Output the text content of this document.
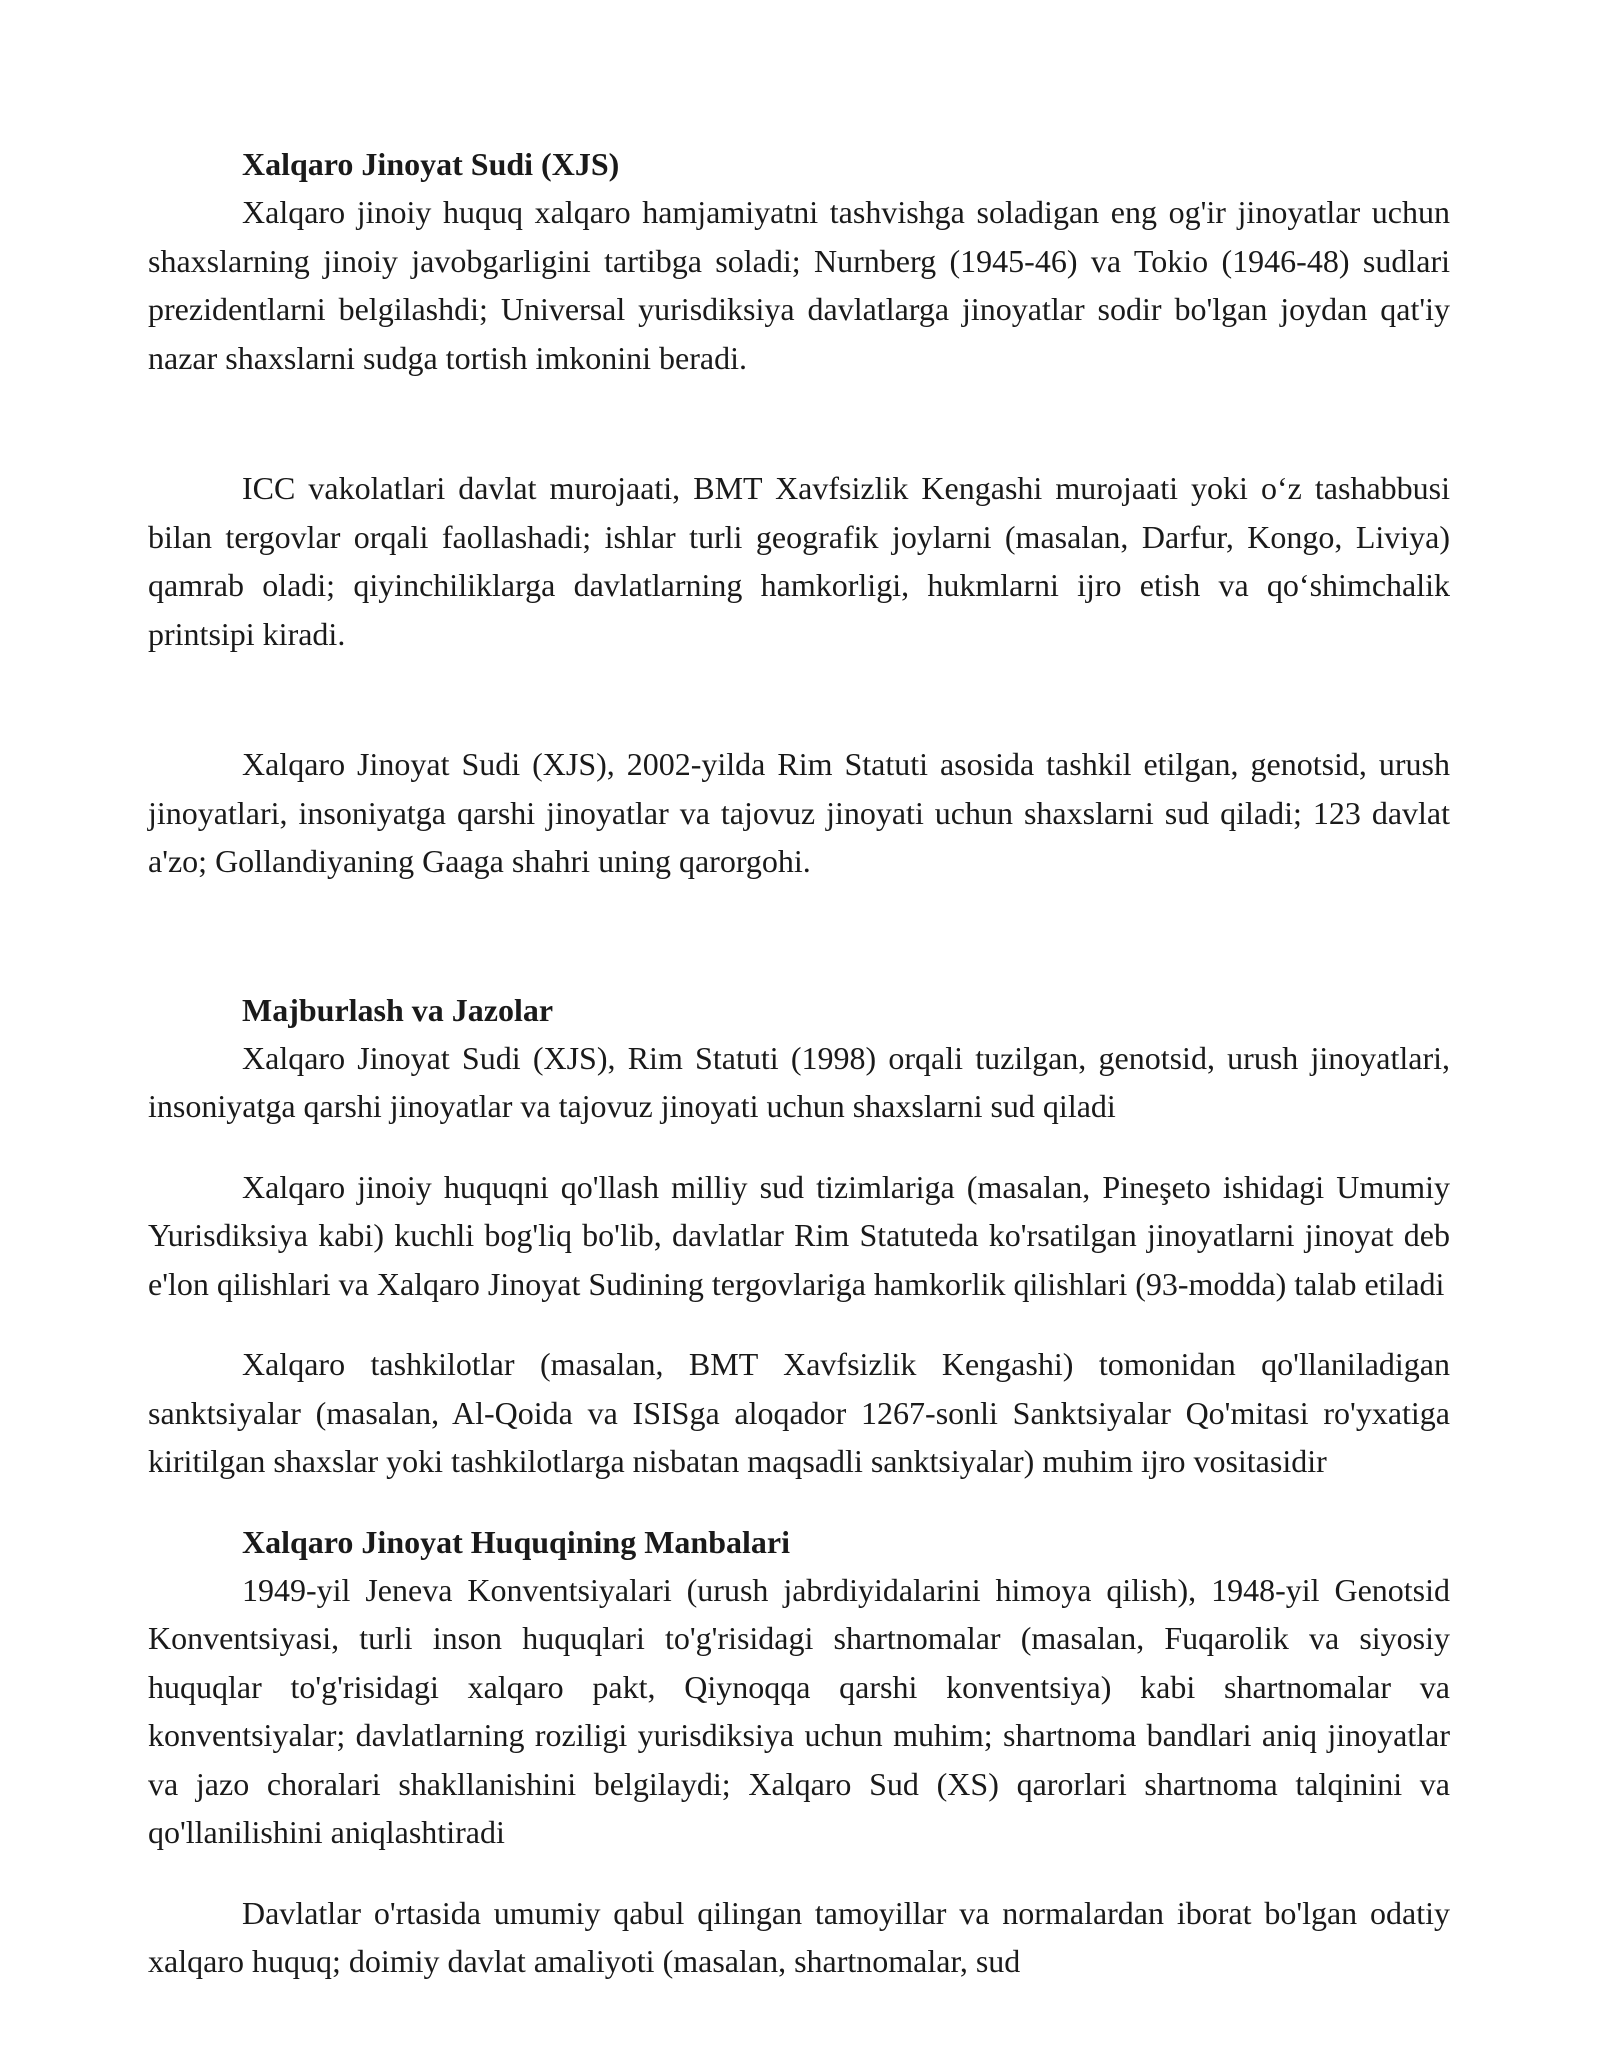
Xalqaro Jinoyat Sudi (XJS)

Xalqaro jinoiy huquq xalqaro hamjamiyatni tashvishga soladigan eng og'ir jinoyatlar uchun shaxslarning jinoiy javobgarligini tartibga soladi; Nurnberg (1945-46) va Tokio (1946-48) sudlari prezidentlarni belgilashdi; Universal yurisdiksiya davlatlarga jinoyatlar sodir bo'lgan joydan qat'iy nazar shaxslarni sudga tortish imkonini beradi.

ICC vakolatlari davlat murojaati, BMT Xavfsizlik Kengashi murojaati yoki o‘z tashabbusi bilan tergovlar orqali faollashadi; ishlar turli geografik joylarni (masalan, Darfur, Kongo, Liviya) qamrab oladi; qiyinchiliklarga davlatlarning hamkorligi, hukmlarni ijro etish va qo‘shimchalik printsipi kiradi.

Xalqaro Jinoyat Sudi (XJS), 2002-yilda Rim Statuti asosida tashkil etilgan, genotsid, urush jinoyatlari, insoniyatga qarshi jinoyatlar va tajovuz jinoyati uchun shaxslarni sud qiladi; 123 davlat a'zo; Gollandiyaning Gaaga shahri uning qarorgohi.

Majburlash va Jazolar

Xalqaro Jinoyat Sudi (XJS), Rim Statuti (1998) orqali tuzilgan, genotsid, urush jinoyatlari, insoniyatga qarshi jinoyatlar va tajovuz jinoyati uchun shaxslarni sud qiladi

Xalqaro jinoiy huquqni qo'llash milliy sud tizimlariga (masalan, Pineşeto ishidagi Umumiy Yurisdiksiya kabi) kuchli bog'liq bo'lib, davlatlar Rim Statuteda ko'rsatilgan jinoyatlarni jinoyat deb e'lon qilishlari va Xalqaro Jinoyat Sudining tergovlariga hamkorlik qilishlari (93-modda) talab etiladi

Xalqaro tashkilotlar (masalan, BMT Xavfsizlik Kengashi) tomonidan qo'llaniladigan sanktsiyalar (masalan, Al-Qoida va ISISga aloqador 1267-sonli Sanktsiyalar Qo'mitasi ro'yxatiga kiritilgan shaxslar yoki tashkilotlarga nisbatan maqsadli sanktsiyalar) muhim ijro vositasidir

Xalqaro Jinoyat Huquqining Manbalari

1949-yil Jeneva Konventsiyalari (urush jabrdiyidalarini himoya qilish), 1948-yil Genotsid Konventsiyasi, turli inson huquqlari to'g'risidagi shartnomalar (masalan, Fuqarolik va siyosiy huquqlar to'g'risidagi xalqaro pakt, Qiynoqqa qarshi konventsiya) kabi shartnomalar va konventsiyalar; davlatlarning roziligi yurisdiksiya uchun muhim; shartnoma bandlari aniq jinoyatlar va jazo choralari shakllanishini belgilaydi; Xalqaro Sud (XS) qarorlari shartnoma talqinini va qo'llanilishini aniqlashtiradi

Davlatlar o'rtasida umumiy qabul qilingan tamoyillar va normalardan iborat bo'lgan odatiy xalqaro huquq; doimiy davlat amaliyoti (masalan, shartnomalar, sud
